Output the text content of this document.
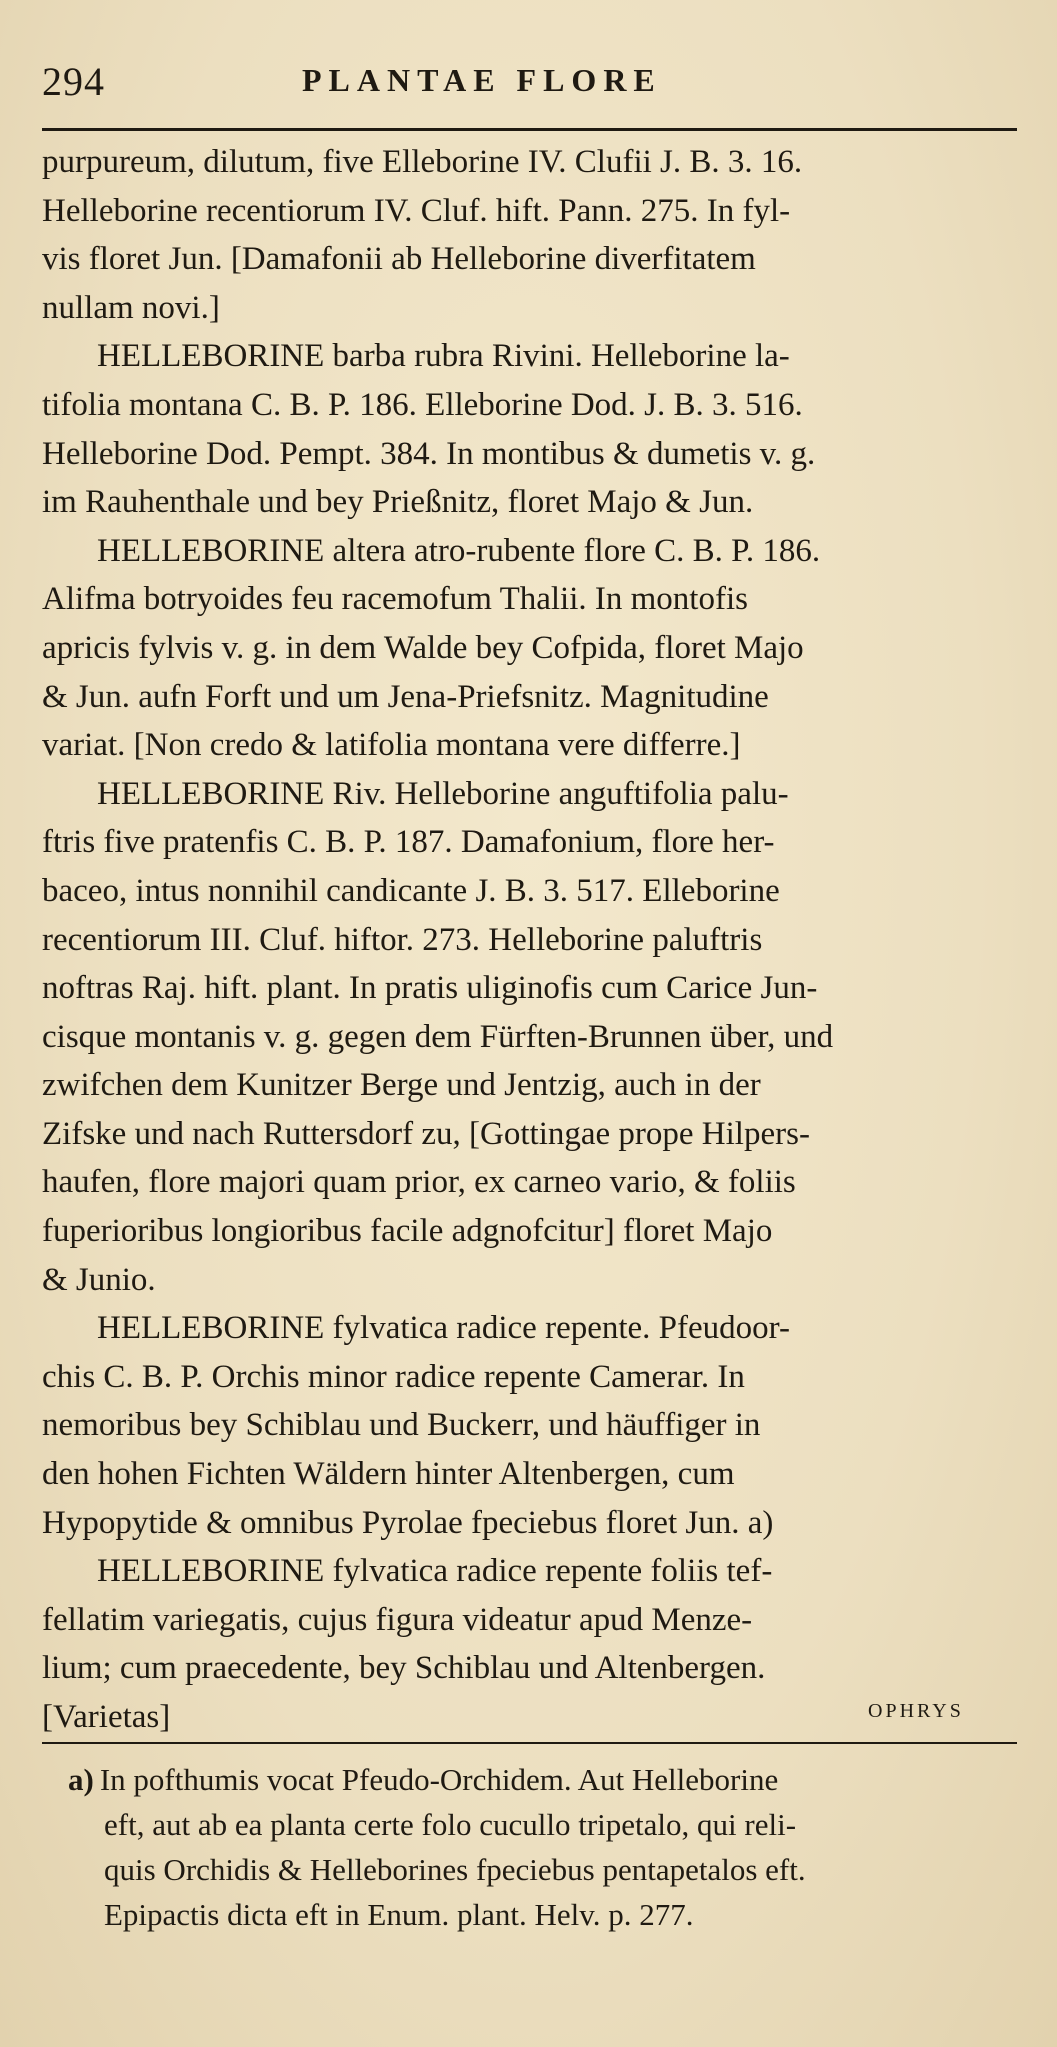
294	PLANTAE FLORE
purpureum, dilutum, five Elleborine IV. Clufii J. B. 3. 16.
Helleborine recentiorum IV. Cluf. hift. Pann. 275. In fyl-
vis floret Jun. [Damafonii ab Helleborine diverfitatem
nullam novi.]
HELLEBORINE barba rubra Rivini. Helleborine la-
tifolia montana C. B. P. 186. Elleborine Dod. J. B. 3. 516.
Helleborine Dod. Pempt. 384. In montibus & dumetis v. g.
im Rauhenthale und bey Prießnitz, floret Majo & Jun.
HELLEBORINE altera atro-rubente flore C. B. P. 186.
Alifma botryoides feu racemofum Thalii. In montofis
apricis fylvis v. g. in dem Walde bey Cofpida, floret Majo
& Jun. aufn Forft und um Jena-Priefsnitz. Magnitudine
variat. [Non credo & latifolia montana vere differre.]
HELLEBORINE Riv. Helleborine anguftifolia palu-
ftris five pratenfis C. B. P. 187. Damafonium, flore her-
baceo, intus nonnihil candicante J. B. 3. 517. Elleborine
recentiorum III. Cluf. hiftor. 273. Helleborine paluftris
noftras Raj. hift. plant. In pratis uliginofis cum Carice Jun-
cisque montanis v. g. gegen dem Fürften-Brunnen über, und
zwifchen dem Kunitzer Berge und Jentzig, auch in der
Zifske und nach Ruttersdorf zu, [Gottingae prope Hilpers-
haufen, flore majori quam prior, ex carneo vario, & foliis
fuperioribus longioribus facile adgnofcitur] floret Majo
& Junio.
HELLEBORINE fylvatica radice repente. Pfeudoor-
chis C. B. P. Orchis minor radice repente Camerar. In
nemoribus bey Schiblau und Buckerr, und häuffiger in
den hohen Fichten Wäldern hinter Altenbergen, cum
Hypopytide & omnibus Pyrolae fpeciebus floret Jun. a)
HELLEBORINE fylvatica radice repente foliis tef-
fellatim variegatis, cujus figura videatur apud Menze-
lium; cum praecedente, bey Schiblau und Altenbergen.
[Varietas]	OPHRYS
a) In pofthumis vocat Pfeudo-Orchidem. Aut Helleborine
eft, aut ab ea planta certe folo cucullo tripetalo, qui reli-
quis Orchidis & Helleborines fpeciebus pentapetalos eft.
Epipactis dicta eft in Enum. plant. Helv. p. 277.
